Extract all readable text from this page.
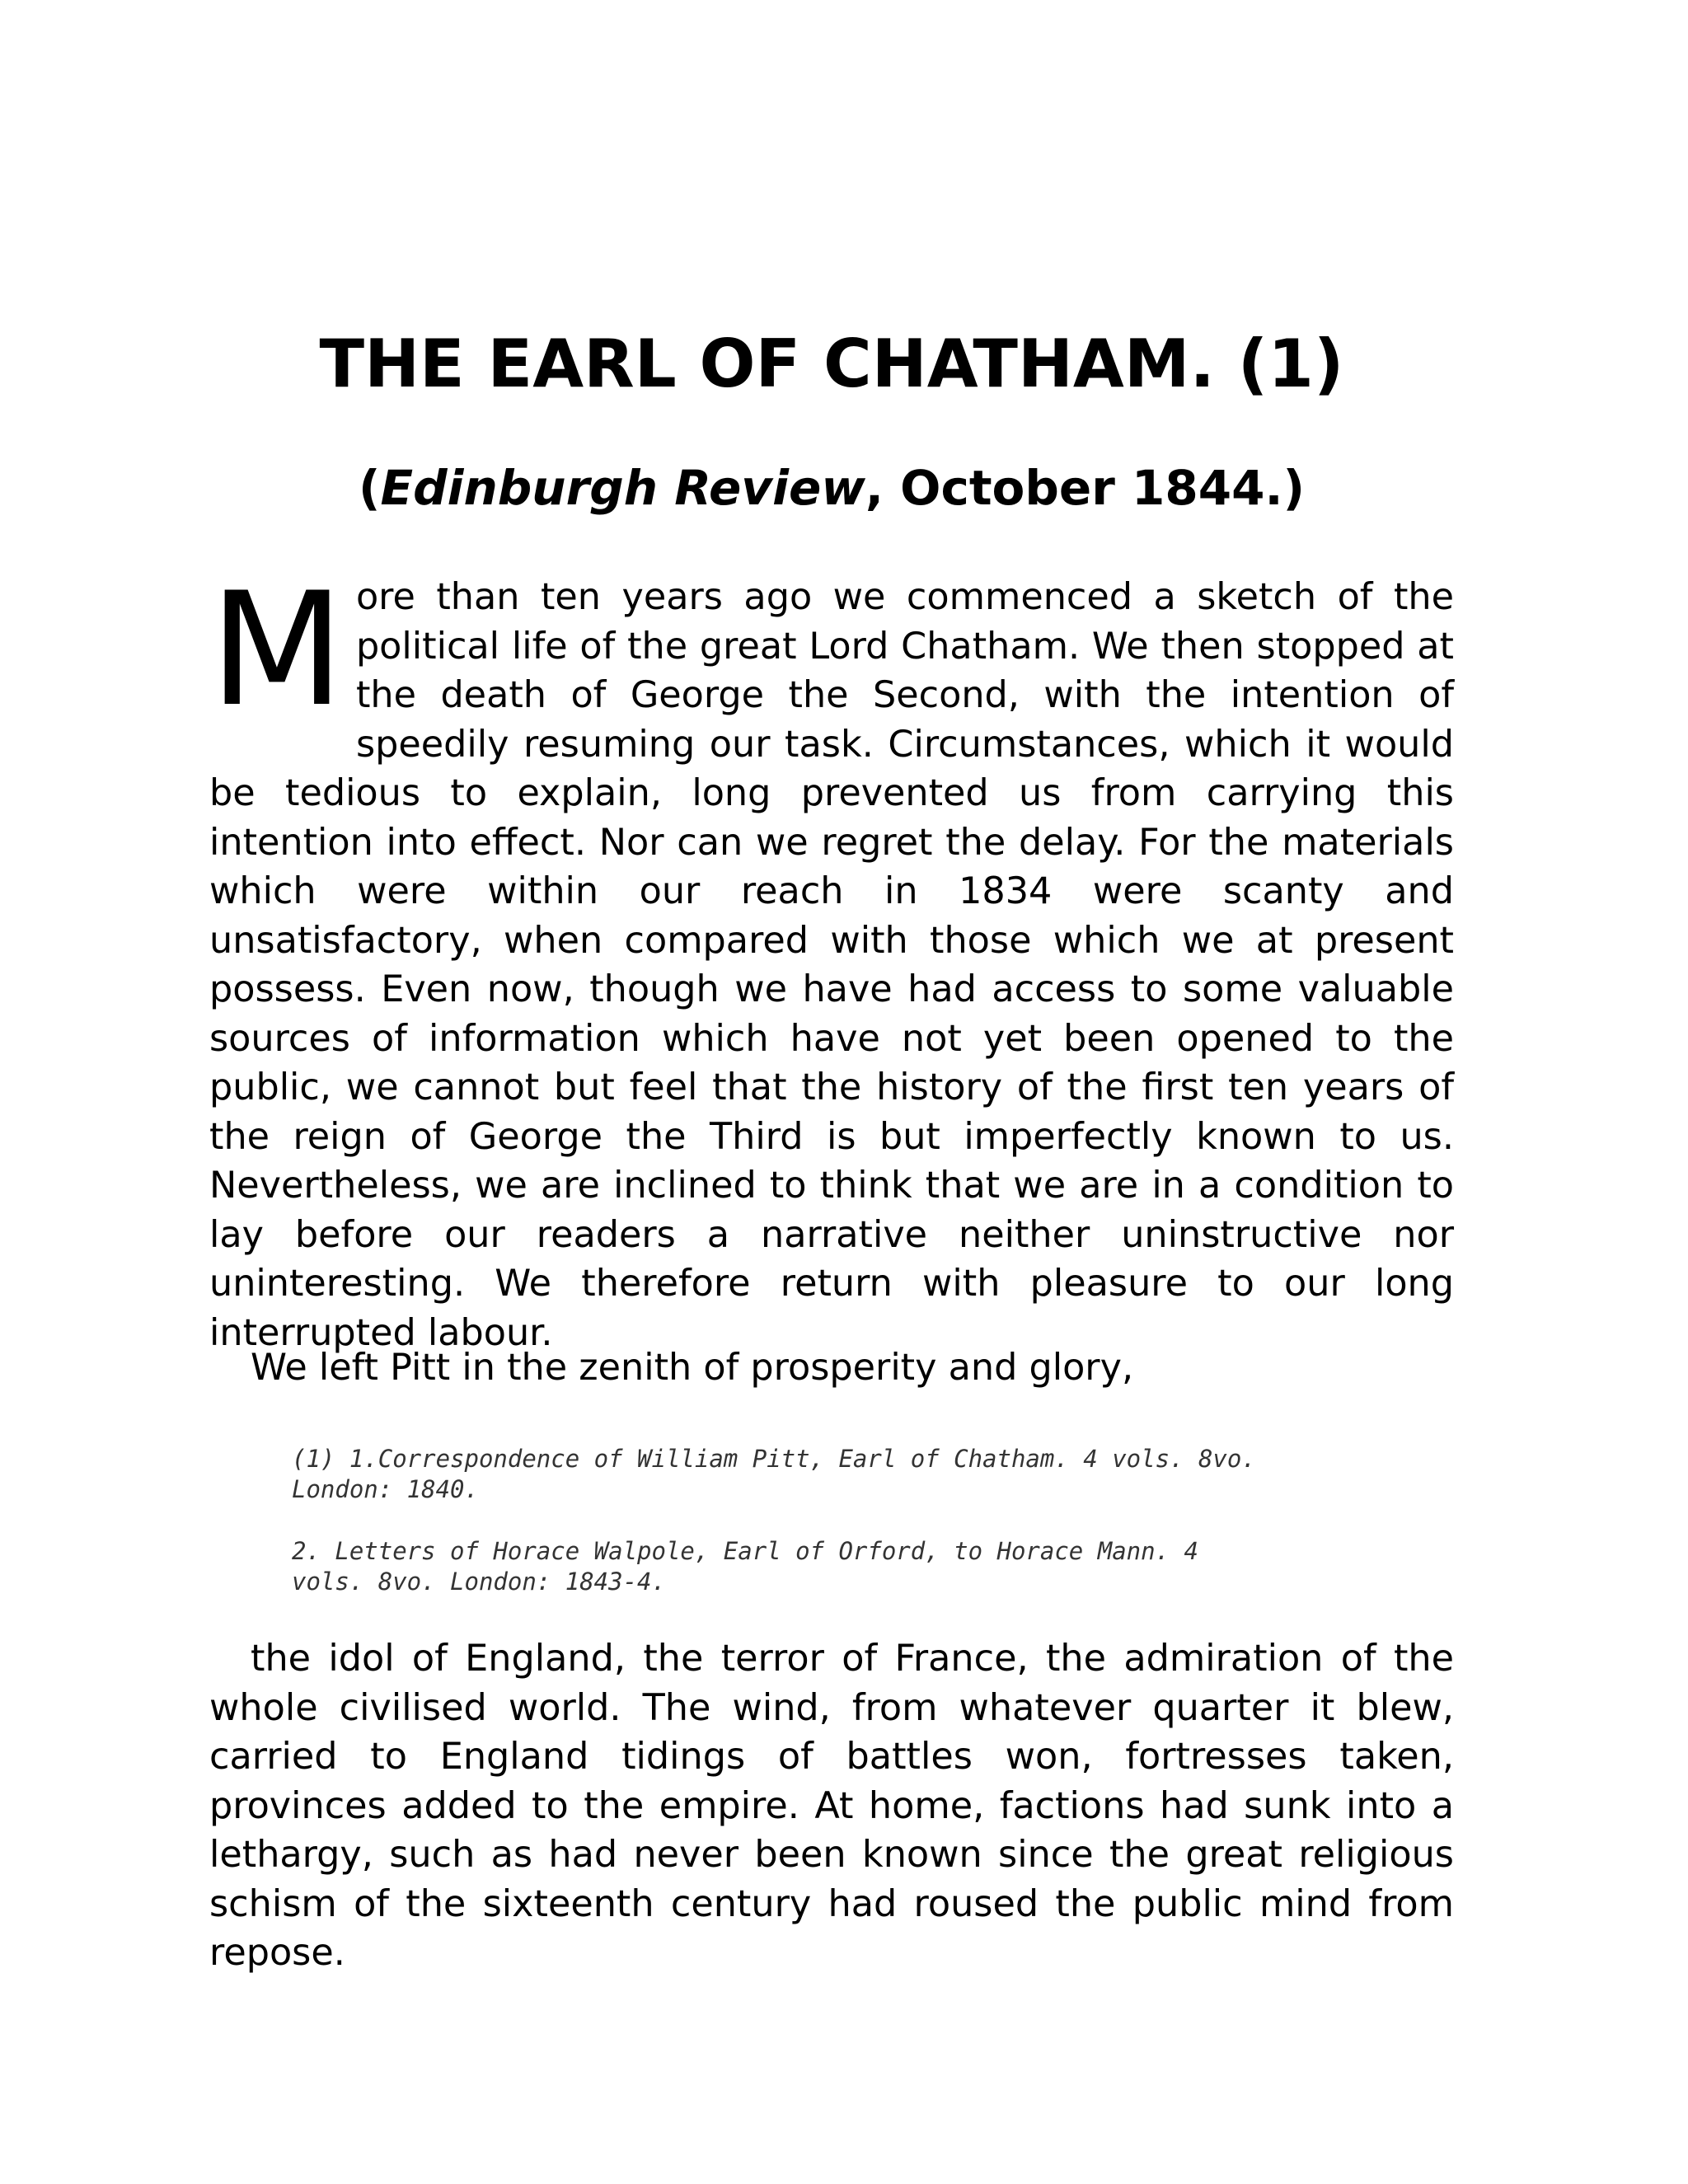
THE EARL OF CHATHAM. (1)
(Edinburgh Review, October 1844.)

More than ten years ago we commenced a sketch of the political life of the great Lord Chatham. We then stopped at the death of George the Second, with the intention of speedily resuming our task. Circumstances, which it would be tedious to explain, long prevented us from carrying this intention into effect. Nor can we regret the delay. For the materials which were within our reach in 1834 were scanty and unsatisfactory, when compared with those which we at present possess. Even now, though we have had access to some valuable sources of information which have not yet been opened to the public, we cannot but feel that the history of the first ten years of the reign of George the Third is but imperfectly known to us. Nevertheless, we are inclined to think that we are in a condition to lay before our readers a narrative neither uninstructive nor uninteresting. We therefore return with pleasure to our long interrupted labour.

We left Pitt in the zenith of prosperity and glory,

(1) 1.Correspondence of William Pitt, Earl of Chatham. 4 vols. 8vo. London: 1840.

2. Letters of Horace Walpole, Earl of Orford, to Horace Mann. 4 vols. 8vo. London: 1843-4.

the idol of England, the terror of France, the admiration of the whole civilised world. The wind, from whatever quarter it blew, carried to England tidings of battles won, fortresses taken, provinces added to the empire. At home, factions had sunk into a lethargy, such as had never been known since the great religious schism of the sixteenth century had roused the public mind from repose.
